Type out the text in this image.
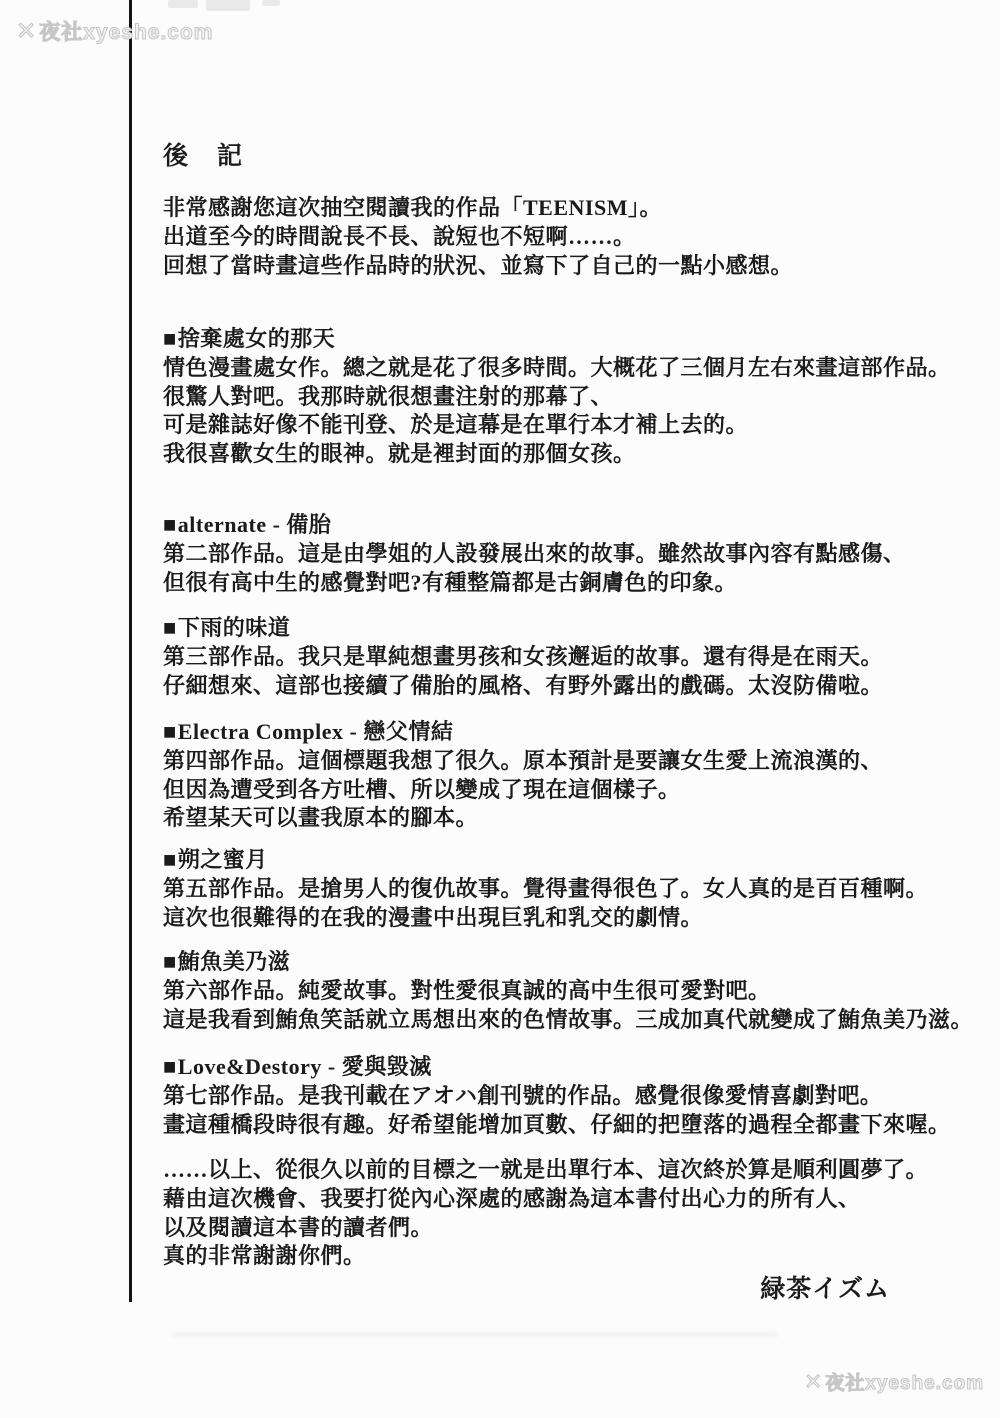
✕夜社xyeshe.com
後　記
非常感謝您這次抽空閱讀我的作品「TEENISM」。
出道至今的時間說長不長、說短也不短啊……。
回想了當時畫這些作品時的狀況、並寫下了自己的一點小感想。
■捨棄處女的那天
情色漫畫處女作。總之就是花了很多時間。大概花了三個月左右來畫這部作品。
很驚人對吧。我那時就很想畫注射的那幕了、
可是雜誌好像不能刊登、於是這幕是在單行本才補上去的。
我很喜歡女生的眼神。就是裡封面的那個女孩。
■alternate - 備胎
第二部作品。這是由學姐的人設發展出來的故事。雖然故事內容有點感傷、
但很有高中生的感覺對吧?有種整篇都是古銅膚色的印象。
■下雨的味道
第三部作品。我只是單純想畫男孩和女孩邂逅的故事。還有得是在雨天。
仔細想來、這部也接續了備胎的風格、有野外露出的戲碼。太沒防備啦。
■Electra Complex - 戀父情結
第四部作品。這個標題我想了很久。原本預計是要讓女生愛上流浪漢的、
但因為遭受到各方吐槽、所以變成了現在這個樣子。
希望某天可以畫我原本的腳本。
■朔之蜜月
第五部作品。是搶男人的復仇故事。覺得畫得很色了。女人真的是百百種啊。
這次也很難得的在我的漫畫中出現巨乳和乳交的劇情。
■鮪魚美乃滋
第六部作品。純愛故事。對性愛很真誠的高中生很可愛對吧。
這是我看到鮪魚笑話就立馬想出來的色情故事。三成加真代就變成了鮪魚美乃滋。
■Love&Destory - 愛與毀滅
第七部作品。是我刊載在アオハ創刊號的作品。感覺很像愛情喜劇對吧。
畫這種橋段時很有趣。好希望能增加頁數、仔細的把墮落的過程全都畫下來喔。
……以上、從很久以前的目標之一就是出單行本、這次終於算是順利圓夢了。
藉由這次機會、我要打從內心深處的感謝為這本書付出心力的所有人、
以及閱讀這本書的讀者們。
真的非常謝謝你們。
緑茶イズム
✕ 夜社xyeshe.com
